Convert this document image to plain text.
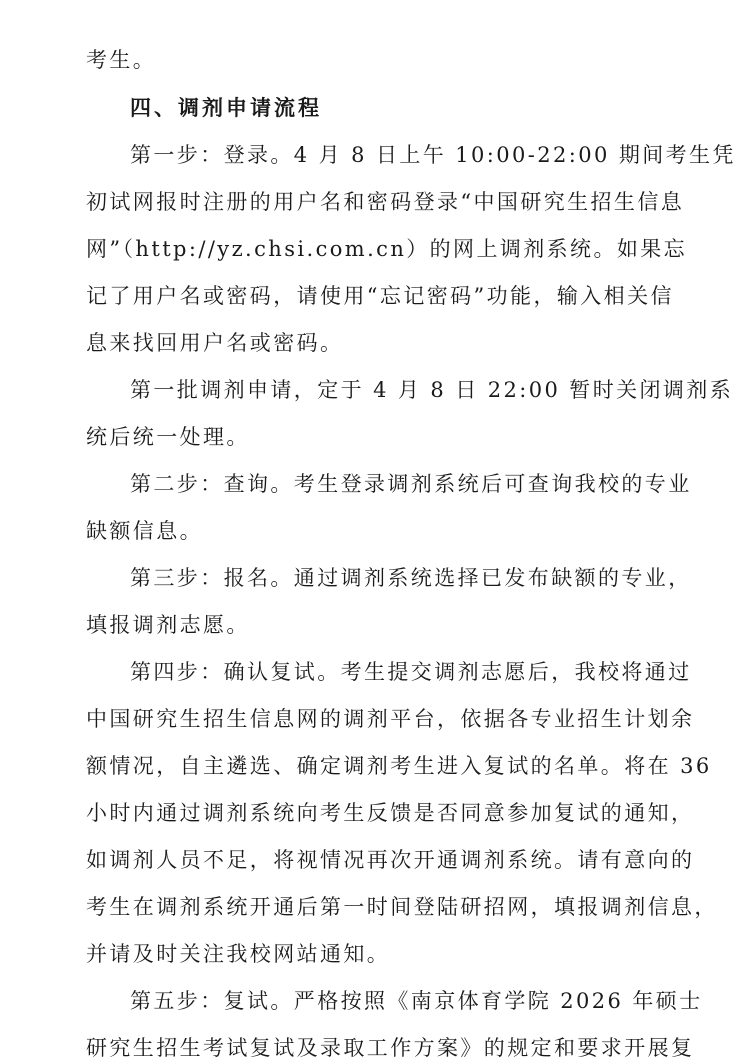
考生。
四、调剂申请流程
第一步：登录。4 月 8 日上午 10:00-22:00 期间考生凭
初试网报时注册的用户名和密码登录“中国研究生招生信息
网”（http://yz.chsi.com.cn）的网上调剂系统。如果忘
记了用户名或密码，请使用“忘记密码”功能，输入相关信
息来找回用户名或密码。
第一批调剂申请，定于 4 月 8 日 22:00 暂时关闭调剂系
统后统一处理。
第二步：查询。考生登录调剂系统后可查询我校的专业
缺额信息。
第三步：报名。通过调剂系统选择已发布缺额的专业，
填报调剂志愿。
第四步：确认复试。考生提交调剂志愿后，我校将通过
中国研究生招生信息网的调剂平台，依据各专业招生计划余
额情况，自主遴选、确定调剂考生进入复试的名单。将在 36
小时内通过调剂系统向考生反馈是否同意参加复试的通知，
如调剂人员不足，将视情况再次开通调剂系统。请有意向的
考生在调剂系统开通后第一时间登陆研招网，填报调剂信息，
并请及时关注我校网站通知。
第五步：复试。严格按照《南京体育学院 2026 年硕士
研究生招生考试复试及录取工作方案》的规定和要求开展复
